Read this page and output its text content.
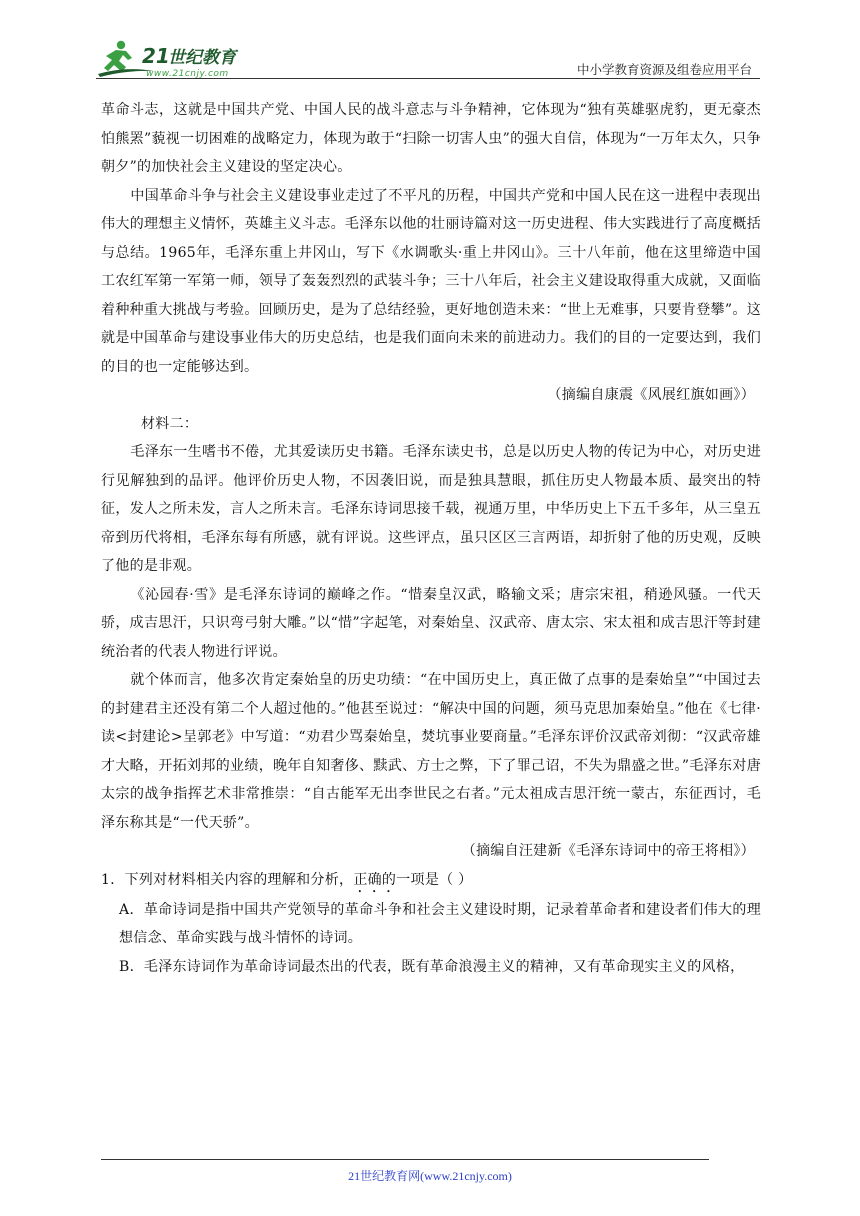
21
世纪教育
www.21cnjy.com	中小学教育资源及组卷应用平台

革命斗志，这就是中国共产党、中国人民的战斗意志与斗争精神，它体现为“独有英雄驱虎豹，更无豪杰怕熊罴”藐视一切困难的战略定力，体现为敢于“扫除一切害人虫”的强大自信，体现为“一万年太久，只争朝夕”的加快社会主义建设的坚定决心。

中国革命斗争与社会主义建设事业走过了不平凡的历程，中国共产党和中国人民在这一进程中表现出伟大的理想主义情怀，英雄主义斗志。毛泽东以他的壮丽诗篇对这一历史进程、伟大实践进行了高度概括与总结。1965年，毛泽东重上井冈山，写下《水调歌头·重上井冈山》。三十八年前，他在这里缔造中国工农红军第一军第一师，领导了轰轰烈烈的武装斗争；三十八年后，社会主义建设取得重大成就，又面临着种种重大挑战与考验。回顾历史，是为了总结经验，更好地创造未来：“世上无难事，只要肯登攀”。这就是中国革命与建设事业伟大的历史总结，也是我们面向未来的前进动力。我们的目的一定要达到，我们的目的也一定能够达到。

（摘编自康震《风展红旗如画》）

材料二：

毛泽东一生嗜书不倦，尤其爱读历史书籍。毛泽东读史书，总是以历史人物的传记为中心，对历史进行见解独到的品评。他评价历史人物，不因袭旧说，而是独具慧眼，抓住历史人物最本质、最突出的特征，发人之所未发，言人之所未言。毛泽东诗词思接千载，视通万里，中华历史上下五千多年，从三皇五帝到历代将相，毛泽东每有所感，就有评说。这些评点，虽只区区三言两语，却折射了他的历史观，反映了他的是非观。

《沁园春·雪》是毛泽东诗词的巅峰之作。“惜秦皇汉武，略输文采；唐宗宋祖，稍逊风骚。一代天骄，成吉思汗，只识弯弓射大雕。”以“惜”字起笔，对秦始皇、汉武帝、唐太宗、宋太祖和成吉思汗等封建统治者的代表人物进行评说。

就个体而言，他多次肯定秦始皇的历史功绩：“在中国历史上，真正做了点事的是秦始皇”“中国过去的封建君主还没有第二个人超过他的。”他甚至说过：“解决中国的问题，须马克思加秦始皇。”他在《七律·读<封建论>呈郭老》中写道：“劝君少骂秦始皇，焚坑事业要商量。”毛泽东评价汉武帝刘彻：“汉武帝雄才大略，开拓刘邦的业绩，晚年自知奢侈、黩武、方士之弊，下了罪己诏，不失为鼎盛之世。”毛泽东对唐太宗的战争指挥艺术非常推崇：“自古能军无出李世民之右者。”元太祖成吉思汗统一蒙古，东征西讨，毛泽东称其是“一代天骄”。

（摘编自汪建新《毛泽东诗词中的帝王将相》）

1．下列对材料相关内容的理解和分析，正确的一项是（ ）

A．革命诗词是指中国共产党领导的革命斗争和社会主义建设时期，记录着革命者和建设者们伟大的理想信念、革命实践与战斗情怀的诗词。

B．毛泽东诗词作为革命诗词最杰出的代表，既有革命浪漫主义的精神，又有革命现实主义的风格，

21世纪教育网(www.21cnjy.com)
